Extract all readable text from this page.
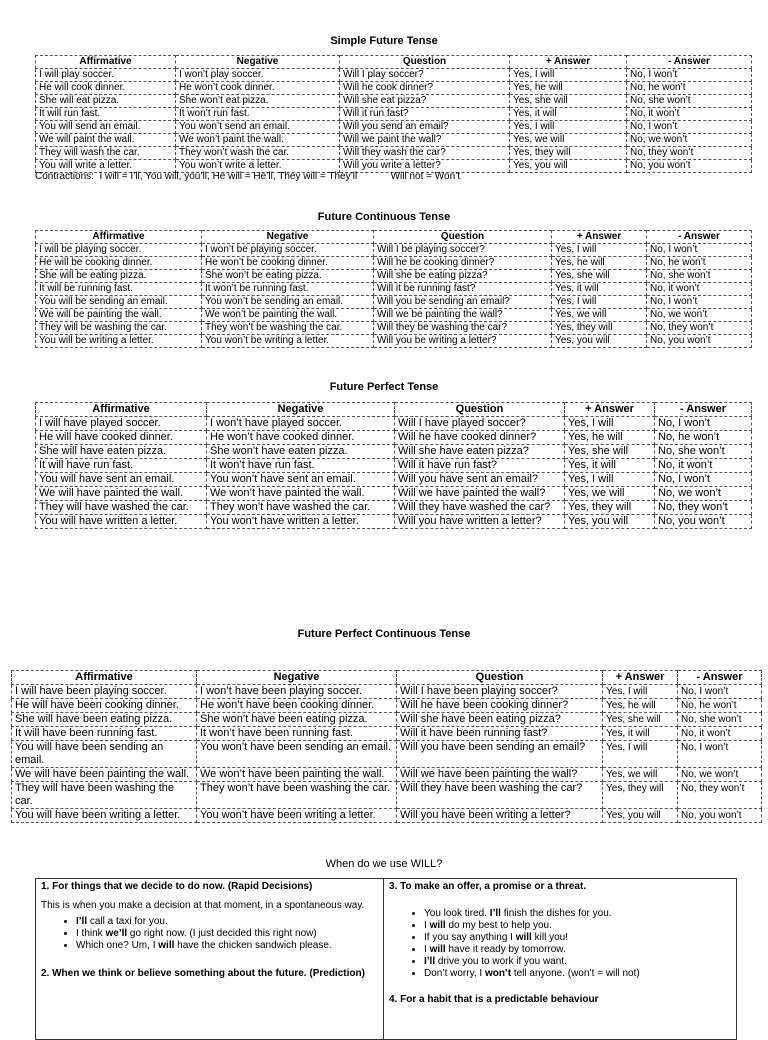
Simple Future Tense
Affirmative	Negative	Question	+ Answer	- Answer
I will play soccer.	I won’t play soccer.	Will I play soccer?	Yes, I will	No, I won’t
He will cook dinner.	He won’t cook dinner.	Will he cook dinner?	Yes, he will	No, he won’t
She will eat pizza.	She won’t eat pizza.	Will she eat pizza?	Yes, she will	No, she won’t
It will run fast.	It won’t run fast.	Will it run fast?	Yes, it will	No, it won’t
You will send an email.	You won’t send an email.	Will you send an email?	Yes, I will	No, I won’t
We will paint the wall.	We won’t paint the wall.	Will we paint the wall?	Yes, we will	No, we won’t
They will wash the car.	They won’t wash the car.	Will they wash the car?	Yes, they will	No, they won’t
You will write a letter.	You won’t write a letter.	Will you write a letter?	Yes, you will	No, you won’t
Contractions:  I will = I’ll, You will, you’ll, He will = He’ll, They will = They’ll            Will not = Won’t
Future Continuous Tense
Affirmative	Negative	Question	+ Answer	- Answer
I will be playing soccer.	I won’t be playing soccer.	Will I be playing soccer?	Yes, I will	No, I won’t
He will be cooking dinner.	He won’t be cooking dinner.	Will he be cooking dinner?	Yes, he will	No, he won’t
She will be eating pizza.	She won’t be eating pizza.	Will she be eating pizza?	Yes, she will	No, she won’t
It will be running fast.	It won’t be running fast.	Will it be running fast?	Yes, it will	No, it won’t
You will be sending an email.	You won’t be sending an email.	Will you be sending an email?	Yes, I will	No, I won’t
We will be painting the wall.	We won’t be painting the wall.	Will we be painting the wall?	Yes, we will	No, we won’t
They will be washing the car.	They won’t be washing the car.	Will they be washing the car?	Yes, they will	No, they won’t
You will be writing a letter.	You won’t be writing a letter.	Will you be writing a letter?	Yes, you will	No, you won’t
Future Perfect Tense
Affirmative	Negative	Question	+ Answer	- Answer
I will have played soccer.	I won’t have played soccer.	Will I have played soccer?	Yes, I will	No, I won’t
He will have cooked dinner.	He won’t have cooked dinner.	Will he have cooked dinner?	Yes, he will	No, he won’t
She will have eaten pizza.	She won’t have eaten pizza.	Will she have eaten pizza?	Yes, she will	No, she won’t
It will have run fast.	It won’t have run fast.	Will it have run fast?	Yes, it will	No, it won’t
You will have sent an email.	You won’t have sent an email.	Will you have sent an email?	Yes, I will	No, I won’t
We will have painted the wall.	We won’t have painted the wall.	Will we have painted the wall?	Yes, we will	No, we won’t
They will have washed the car.	They won’t have washed the car.	Will they have washed the car?	Yes, they will	No, they won’t
You will have written a letter.	You won’t have written a letter.	Will you have written a letter?	Yes, you will	No, you won’t
Future Perfect Continuous Tense
Affirmative	Negative	Question	+ Answer	- Answer
I will have been playing soccer.	I won’t have been playing soccer.	Will I have been playing soccer?	Yes, I will	No, I won’t
He will have been cooking dinner.	He won’t have been cooking dinner.	Will he have been cooking dinner?	Yes, he will	No, he won’t
She will have been eating pizza.	She won’t have been eating pizza.	Will she have been eating pizza?	Yes, she will	No, she won’t
It will have been running fast.	It won’t have been running fast.	Will it have been running fast?	Yes, it will	No, it won’t
You will have been sending an email.	You won’t have been sending an email.	Will you have been sending an email?	Yes, I will	No, I won’t
We will have been painting the wall.	We won’t have been painting the wall.	Will we have been painting the wall?	Yes, we will	No, we won’t
They will have been washing the car.	They won’t have been washing the car.	Will they have been washing the car?	Yes, they will	No, they won’t
You will have been writing a letter.	You won’t have been writing a letter.	Will you have been writing a letter?	Yes, you will	No, you won’t
When do we use WILL?
1. For things that we decide to do now. (Rapid Decisions)
This is when you make a decision at that moment, in a spontaneous way.
• I’ll call a taxi for you.
• I think we’ll go right now. (I just decided this right now)
• Which one? Um, I will have the chicken sandwich please.
2. When we think or believe something about the future. (Prediction)
3. To make an offer, a promise or a threat.
• You look tired. I’ll finish the dishes for you.
• I will do my best to help you.
• If you say anything I will kill you!
• I will have it ready by tomorrow.
• I’ll drive you to work if you want.
• Don’t worry, I won’t tell anyone. (won’t = will not)
4. For a habit that is a predictable behaviour
